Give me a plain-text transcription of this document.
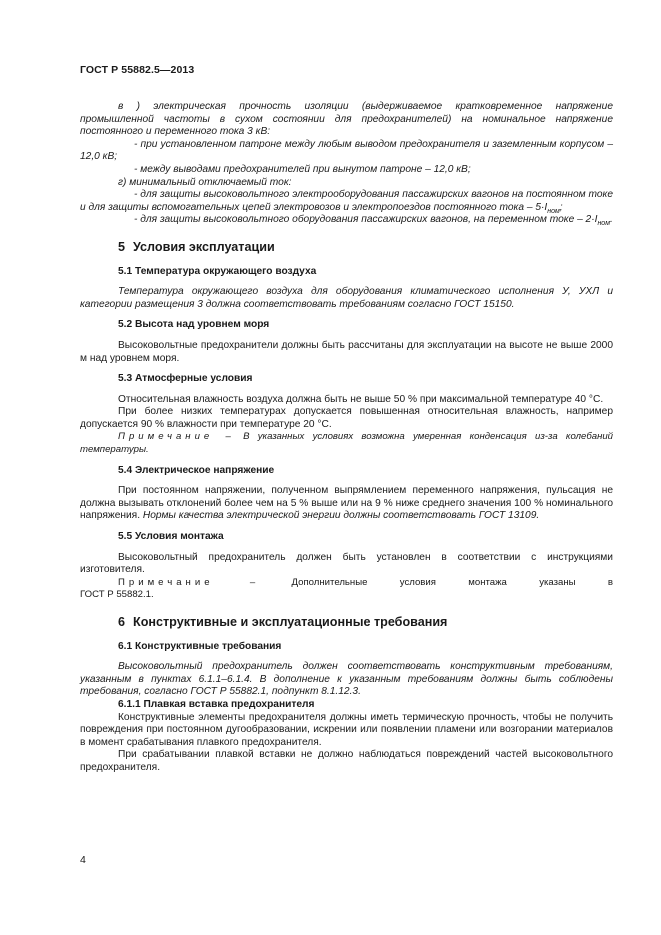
ГОСТ Р 55882.5—2013

в ) электрическая прочность изоляции (выдерживаемое кратковременное напряжение промышленной частоты в сухом состоянии для предохранителей) на номинальное напряжение постоянного и переменного тока 3 кВ:

- при установленном патроне между любым выводом предохранителя и заземленным корпусом – 12,0 кВ;

- между выводами предохранителей при вынутом патроне – 12,0 кВ;

г) минимальный отключаемый ток:

- для защиты высоковольтного электрооборудования пассажирских вагонов на постоянном токе и для защиты вспомогательных цепей электровозов и электропоездов постоянного тока – $5\cdot I_{ном}$;

- для защиты высоковольтного оборудования пассажирских вагонов, на переменном токе – $2\cdot I_{ном}$.

5 Условия эксплуатации
5.1 Температура окружающего воздуха

Температура окружающего воздуха для оборудования климатического исполнения У, УХЛ и категории размещения 3 должна соответствовать требованиям согласно ГОСТ 15150.

5.2 Высота над уровнем моря

Высоковольтные предохранители должны быть рассчитаны для эксплуатации на высоте не выше 2000 м над уровнем моря.

5.3 Атмосферные условия

Относительная влажность воздуха должна быть не выше 50 % при максимальной температуре 40 °С.

При более низких температурах допускается повышенная относительная влажность, например допускается 90 % влажности при температуре 20 °С.

Примечание – В указанных условиях возможна умеренная конденсация из-за колебаний температуры.

5.4 Электрическое напряжение

При постоянном напряжении, полученном выпрямлением переменного напряжения, пульсация не должна вызывать отклонений более чем на 5 % выше или на 9 % ниже среднего значения 100 % номинального напряжения. Нормы качества электрической энергии должны соответствовать ГОСТ 13109.

5.5 Условия монтажа

Высоковольтный предохранитель должен быть установлен в соответствии с инструкциями изготовителя.

Примечание –	Дополнительные условия монтажа указаны в

ГОСТ Р 55882.1.

6 Конструктивные и эксплуатационные требования
6.1 Конструктивные требования

Высоковольтный предохранитель должен соответствовать конструктивным требованиям, указанным в пунктах 6.1.1–6.1.4. В дополнение к указанным требованиям должны быть соблюдены требования, согласно ГОСТ Р 55882.1, подпункт 8.1.12.3.

6.1.1 Плавкая вставка предохранителя

Конструктивные элементы предохранителя должны иметь термическую прочность, чтобы не получить повреждения при постоянном дугообразовании, искрении или появлении пламени или возгорании материалов в момент срабатывания плавкого предохранителя.

При срабатывании плавкой вставки не должно наблюдаться повреждений частей высоковольтного предохранителя.

4
